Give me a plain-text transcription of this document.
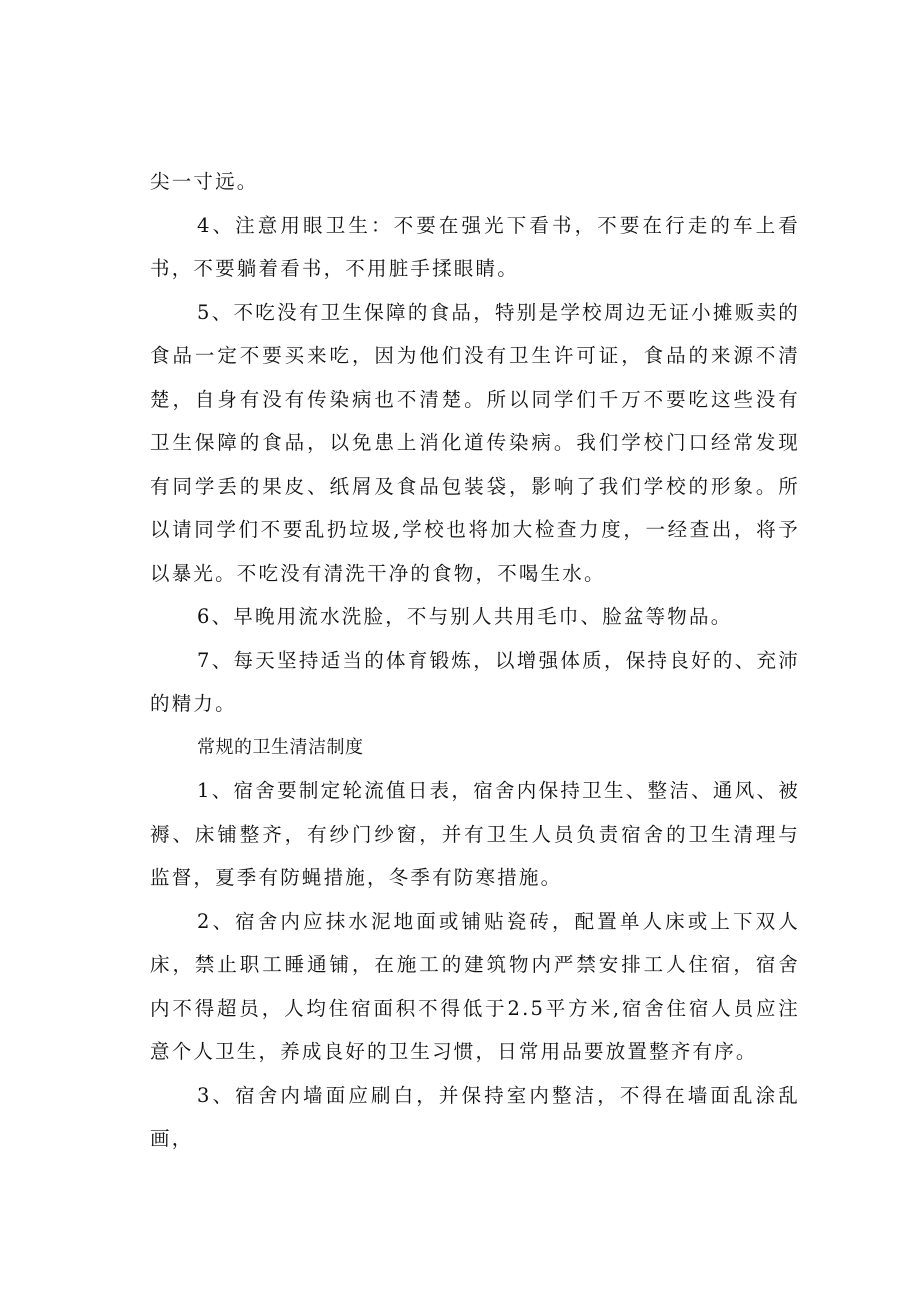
尖一寸远。

4、注意用眼卫生：不要在强光下看书，不要在行走的车上看书，不要躺着看书，不用脏手揉眼睛。

5、不吃没有卫生保障的食品，特别是学校周边无证小摊贩卖的食品一定不要买来吃，因为他们没有卫生许可证，食品的来源不清楚，自身有没有传染病也不清楚。所以同学们千万不要吃这些没有卫生保障的食品，以免患上消化道传染病。我们学校门口经常发现有同学丢的果皮、纸屑及食品包装袋，影响了我们学校的形象。所以请同学们不要乱扔垃圾,学校也将加大检查力度，一经查出，将予以暴光。不吃没有清洗干净的食物，不喝生水。

6、早晚用流水洗脸，不与别人共用毛巾、脸盆等物品。

7、每天坚持适当的体育锻炼，以增强体质，保持良好的、充沛的精力。

常规的卫生清洁制度

1、宿舍要制定轮流值日表，宿舍内保持卫生、整洁、通风、被褥、床铺整齐，有纱门纱窗，并有卫生人员负责宿舍的卫生清理与监督，夏季有防蝇措施，冬季有防寒措施。

2、宿舍内应抹水泥地面或铺贴瓷砖，配置单人床或上下双人床，禁止职工睡通铺，在施工的建筑物内严禁安排工人住宿，宿舍内不得超员，人均住宿面积不得低于2.5平方米,宿舍住宿人员应注意个人卫生，养成良好的卫生习惯，日常用品要放置整齐有序。

3、宿舍内墙面应刷白，并保持室内整洁，不得在墙面乱涂乱画，
